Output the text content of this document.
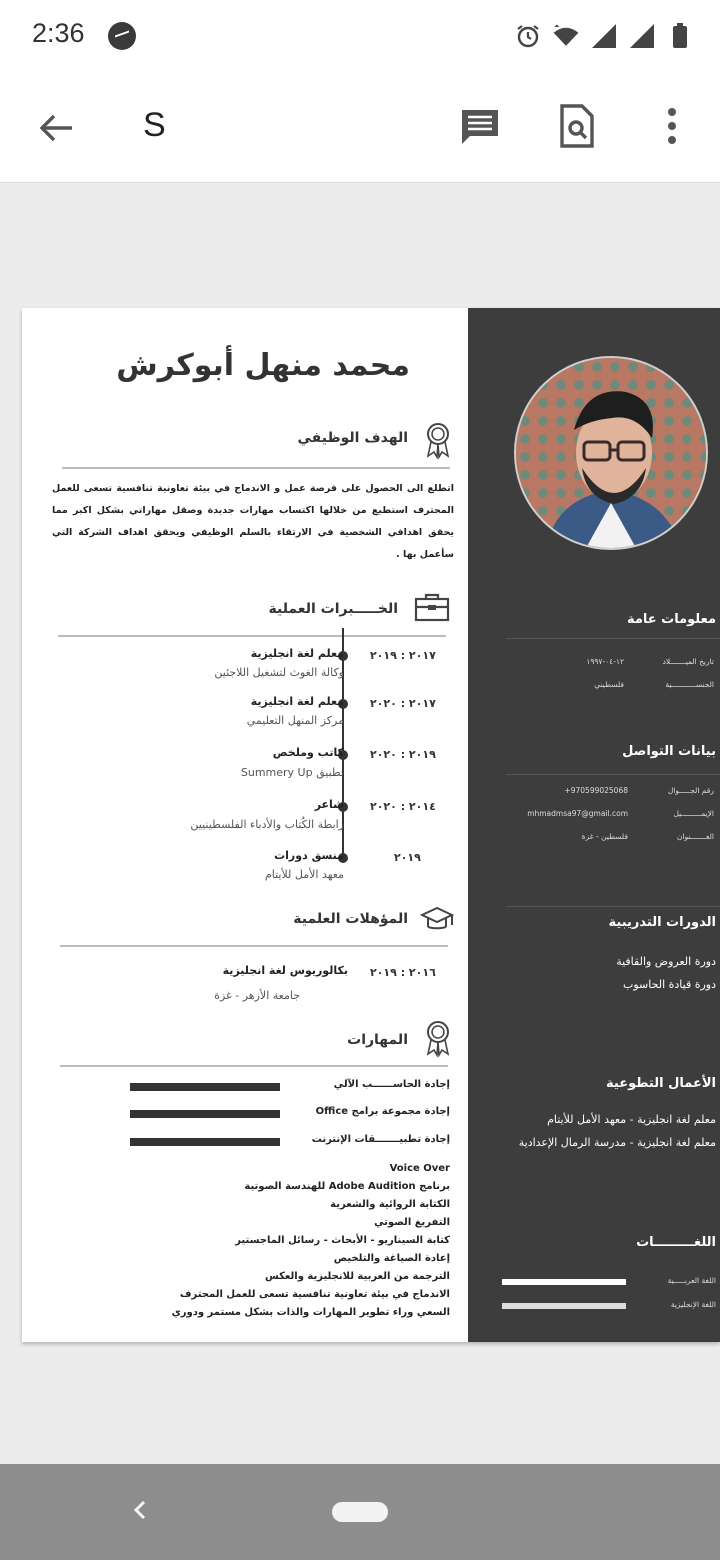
2:36
S
محمد منهل أبوكرش
الهدف الوظيفي
اتطلع الى الحصول على فرصة عمل و الاندماج في بيئة تعاونية تنافسية تسعى للعمل المحترف استطيع من خلالها اكتساب مهارات جديدة وصقل مهاراتي بشكل اكبر مما يحقق اهدافي الشخصية في الارتقاء بالسلم الوظيفي ويحقق اهداف الشركة التي سأعمل بها .
الخـــــبرات العملية
٢٠١٧ : ٢٠١٩
معلم لغة انجليزية
وكالة الغوث لتشغيل اللاجئين
٢٠١٧ : ٢٠٢٠
معلم لغة انجليزية
مركز المنهل التعليمي
٢٠١٩ : ٢٠٢٠
كاتب وملخص
تطبيق Summery Up
٢٠١٤ : ٢٠٢٠
شاعر
رابطة الكُتاب والأدباء الفلسطينيين
٢٠١٩
منسق دورات
معهد الأمل للأيتام
المؤهلات العلمية
٢٠١٦ : ٢٠١٩
بكالوريوس لغة انجليزية
جامعة الأزهر - غزة
المهارات
إجادة الحاســــــب الآلي
إجادة مجموعة برامج Office
إجادة تطبيـــــــقات الإنترنت
Voice Over
برنامج Adobe Audition للهندسة الصوتية
الكتابة الروائية والشعرية
التفريغ الصوتي
كتابة السيناريو - الأبحاث - رسائل الماجستير
إعادة الصياغة والتلخيص
الترجمة من العربية للانجليزية والعكس
الاندماج في بيئة تعاونية تنافسية تسعى للعمل المحترف
السعي وراء تطوير المهارات والذات بشكل مستمر ودوري
معلومات عامة
تاريخ الميـــــــلاد
١٢-٠٤-١٩٩٧
الجنســـــــــــية
فلسطيني
بيانات التواصل
رقم الجـــــوال
+970599025068
الإيمـــــــــيل
mhmadmsa97@gmail.com
العـــــــنوان
فلسطين - غزة
الدورات التدريبية
دورة العروض والقافية
دورة قيادة الحاسوب
الأعمال التطوعية
معلم لغة انجليزية - معهد الأمل للأيتام
معلم لغة انجليزية - مدرسة الرمال الإعدادية
اللغـــــــــات
اللغة العربـــــية
اللغة الإنجليزية
